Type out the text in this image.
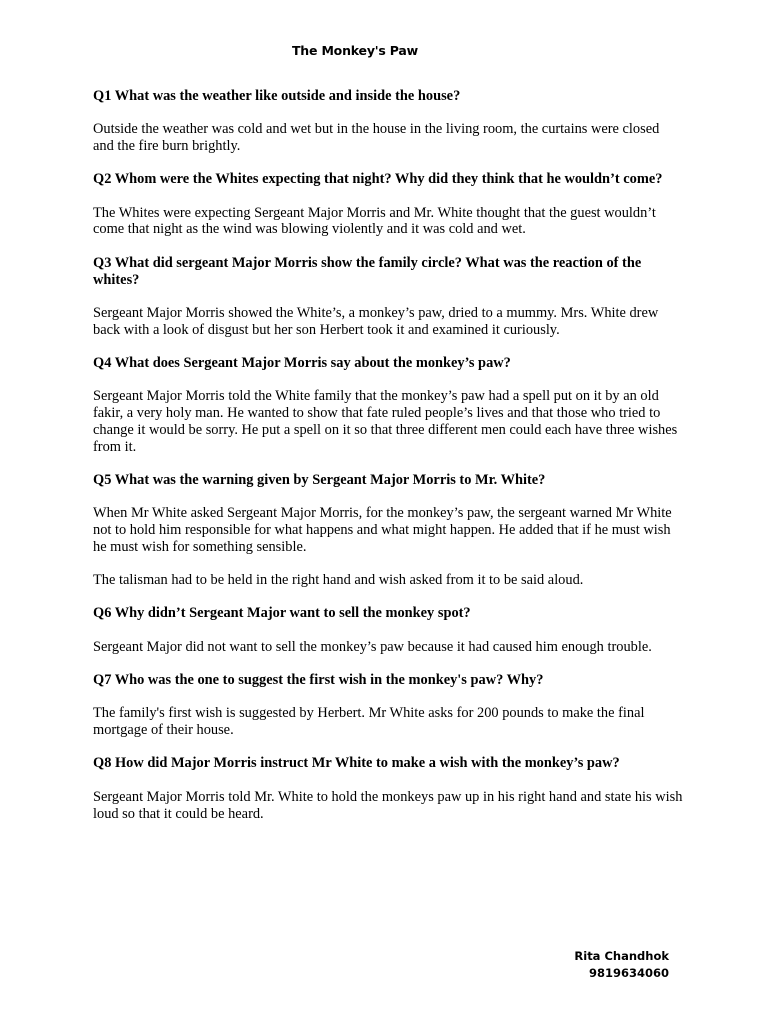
The Monkey's Paw

Q1 What was the weather like outside and inside the house?

Outside the weather was cold and wet but in the house in the living room, the curtains were closed and the fire burn brightly.

Q2 Whom were the Whites expecting that night? Why did they think that he wouldn’t come?

The Whites were expecting Sergeant Major Morris and Mr. White thought that the guest wouldn’t come that night as the wind was blowing violently and it was cold and wet.

Q3 What did sergeant Major Morris show the family circle? What was the reaction of the whites?

Sergeant Major Morris showed the White’s, a monkey’s paw, dried to a mummy. Mrs. White drew back with a look of disgust but her son Herbert took it and examined it curiously.

Q4 What does Sergeant Major Morris say about the monkey’s paw?

Sergeant Major Morris told the White family that the monkey’s paw had a spell put on it by an old fakir, a very holy man. He wanted to show that fate ruled people’s lives and that those who tried to change it would be sorry. He put a spell on it so that three different men could each have three wishes from it.

Q5 What was the warning given by Sergeant Major Morris to Mr. White?

When Mr White asked Sergeant Major Morris, for the monkey’s paw, the sergeant warned Mr White not to hold him responsible for what happens and what might happen. He added that if he must wish he must wish for something sensible.

The talisman had to be held in the right hand and wish asked from it to be said aloud.

Q6 Why didn’t Sergeant Major want to sell the monkey spot?

Sergeant Major did not want to sell the monkey’s paw because it had caused him enough trouble.

Q7 Who was the one to suggest the first wish in the monkey's paw? Why?

The family's first wish is suggested by Herbert. Mr White asks for 200 pounds to make the final mortgage of their house.

Q8 How did Major Morris instruct Mr White to make a wish with the monkey’s paw?

Sergeant Major Morris told Mr. White to hold the monkeys paw up in his right hand and state his wish loud so that it could be heard.

Rita Chandhok
9819634060
